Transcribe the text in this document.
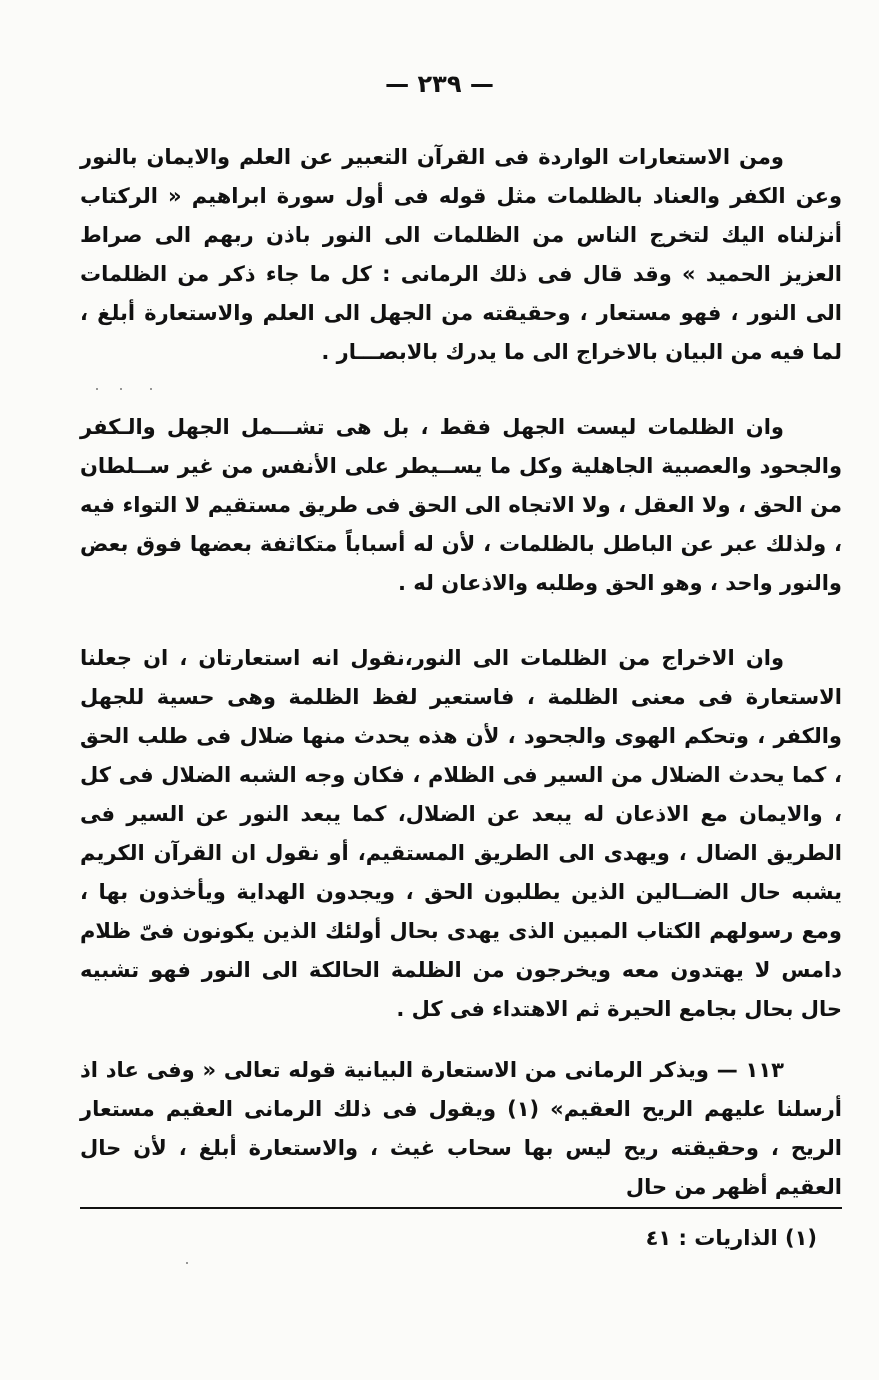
— ٢٣٩ —

ومن الاستعارات الواردة فى القرآن التعبير عن العلم والايمان بالنور وعن الكفر والعناد بالظلمات مثل قوله فى أول سورة ابراهيم « الركتاب أنزلناه اليك لتخرج الناس من الظلمات الى النور باذن ربهم الى صراط العزيز الحميد » وقد قال فى ذلك الرمانى : كل ما جاء ذكر من الظلمات الى النور ، فهو مستعار ، وحقيقته من الجهل الى العلم والاستعارة أبلغ ، لما فيه من البيان بالاخراج الى ما يدرك بالابصـــار .

وان الظلمات ليست الجهل فقط ، بل هى تشـــمل الجهل والـكفر والجحود والعصبية الجاهلية وكل ما يســيطر على الأنفس من غير ســلطان من الحق ، ولا العقل ، ولا الاتجاه الى الحق فى طريق مستقيم لا التواء فيه ، ولذلك عبر عن الباطل بالظلمات ، لأن له أسباباً متكاثفة بعضها فوق بعض والنور واحد ، وهو الحق وطلبه والاذعان له .

وان الاخراج من الظلمات الى النور،نقول انه استعارتان ، ان جعلنا الاستعارة فى معنى الظلمة ، فاستعير لفظ الظلمة وهى حسية للجهل والكفر ، وتحكم الهوى والجحود ، لأن هذه يحدث منها ضلال فى طلب الحق ، كما يحدث الضلال من السير فى الظلام ، فكان وجه الشبه الضلال فى كل ، والايمان مع الاذعان له يبعد عن الضلال، كما يبعد النور عن السير فى الطريق الضال ، ويهدى الى الطريق المستقيم، أو نقول ان القرآن الكريم يشبه حال الضــالين الذين يطلبون الحق ، ويجدون الهداية ويأخذون بها ، ومع رسولهم الكتاب المبين الذى يهدى بحال أولئك الذين يكونون فىّ ظلام دامس لا يهتدون معه ويخرجون من الظلمة الحالكة الى النور فهو تشبيه حال بحال بجامع الحيرة ثم الاهتداء فى كل .

١١٣ — ويذكر الرمانى من الاستعارة البيانية قوله تعالى « وفى عاد اذ أرسلنا عليهم الريح العقيم» (١) ويقول فى ذلك الرمانى العقيم مستعار الريح ، وحقيقته ريح ليس بها سحاب غيث ، والاستعارة أبلغ ، لأن حال العقيم أظهر من حال

(١) الذاريات : ٤١
